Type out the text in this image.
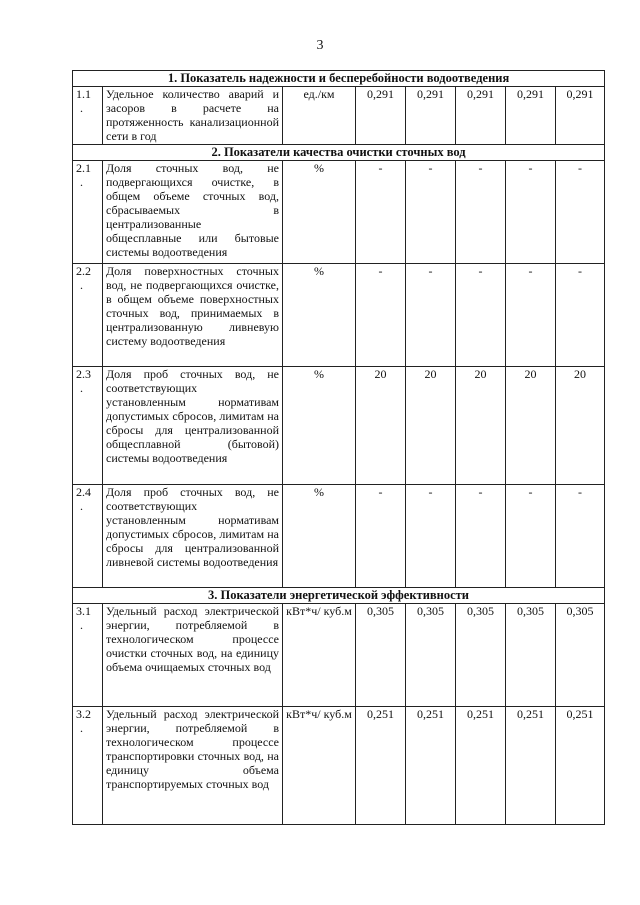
3
1. Показатель надежности и бесперебойности водоотведения							

1.1
.	Удельное количество аварий и засоров в расчете на протяженность канализационной сети в год	ед./км	0,291	0,291	0,291	0,291	0,291
2. Показатели качества очистки сточных вод							

2.1
.	Доля сточных вод, не подвергающихся очистке, в общем объеме сточных вод, сбрасываемых в централизованные общесплавные или бытовые системы водоотведения	%	-	-	-	-	-

2.2
.	Доля поверхностных сточных вод, не подвергающихся очистке, в общем объеме поверхностных сточных вод, принимаемых в централизованную ливневую систему водоотведения	%	-	-	-	-	-

2.3
.	Доля проб сточных вод, не соответствующих установленным нормативам допустимых сбросов, лимитам на сбросы для централизованной общесплавной (бытовой) системы водоотведения	%	20	20	20	20	20

2.4
.	Доля проб сточных вод, не соответствующих установленным нормативам допустимых сбросов, лимитам на сбросы для централизованной ливневой системы водоотведения	%	-	-	-	-	-
3. Показатели энергетической эффективности							

3.1
.	Удельный расход электрической энергии, потребляемой в технологическом процессе очистки сточных вод, на единицу объема очищаемых сточных вод	кВт*ч/ куб.м	0,305	0,305	0,305	0,305	0,305

3.2
.	Удельный расход электрической энергии, потребляемой в технологическом процессе транспортировки сточных вод, на единицу объема транспортируемых сточных вод	кВт*ч/ куб.м	0,251	0,251	0,251	0,251	0,251
